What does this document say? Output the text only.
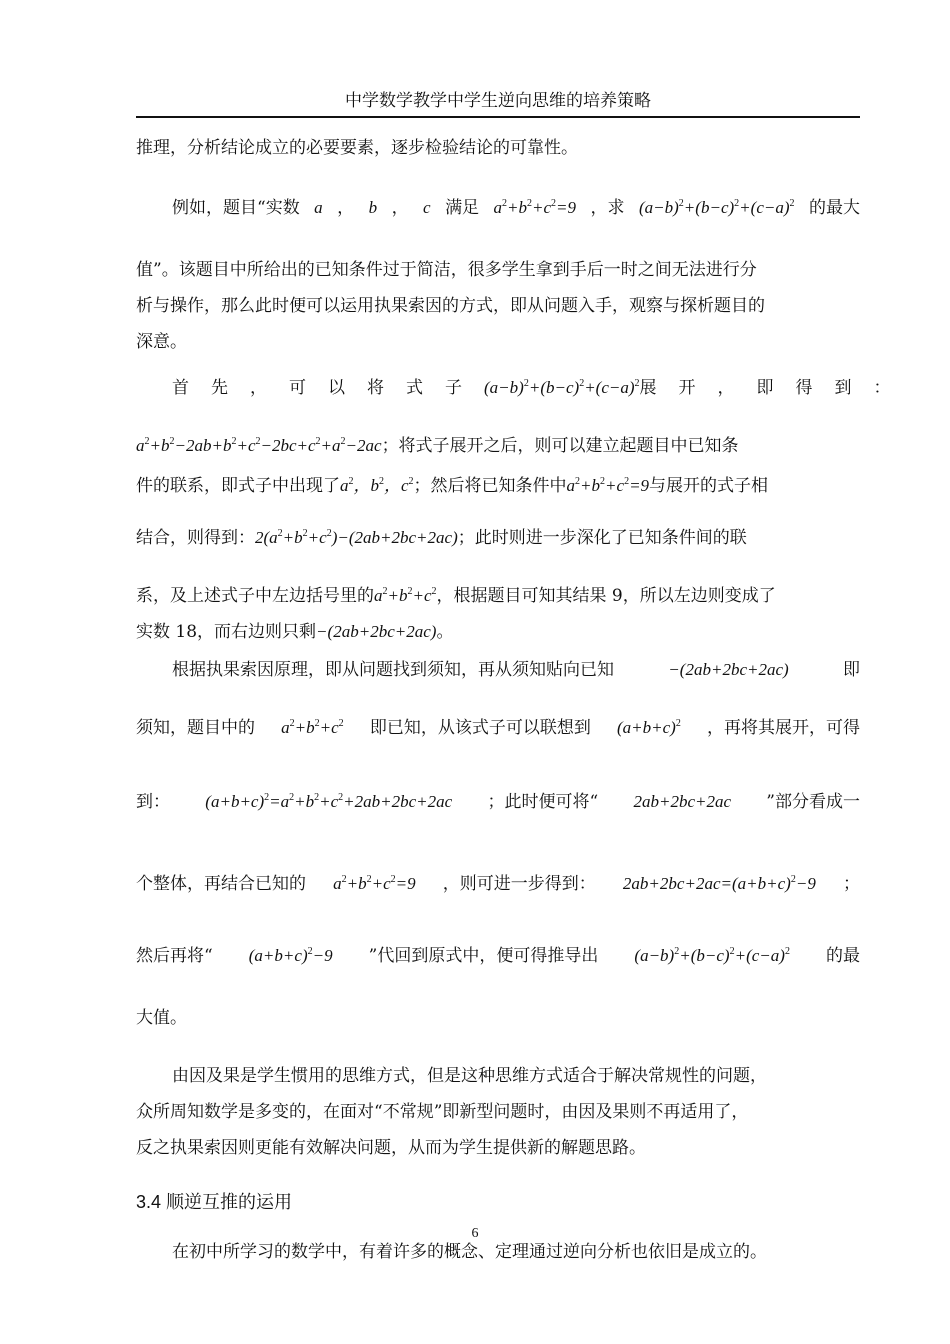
中学数学教学中学生逆向思维的培养策略
推理，分析结论成立的必要要素，逐步检验结论的可靠性。
例如，题目“实数 a ， b ， c 满足 $a^2+b^2+c^2=9$ ，求 $(a-b)^2+(b-c)^2+(c-a)^2$ 的最大
值”。该题目中所给出的已知条件过于简洁，很多学生拿到手后一时之间无法进行分
析与操作，那么此时便可以运用执果索因的方式，即从问题入手，观察与探析题目的
深意。
首先，可以将式子 $(a-b)^2+(b-c)^2+(c-a)^2$ 展开，即得到：
$a^2+b^2-2ab+b^2+c^2-2bc+c^2+a^2-2ac$ ；将式子展开之后，则可以建立起题目中已知条
件的联系，即式子中出现了 $a^2$，$b^2$，$c^2$ ；然后将已知条件中 $a^2+b^2+c^2=9$ 与展开的式子相
结合，则得到： $2(a^2+b^2+c^2)-(2ab+2bc+2ac)$ ；此时则进一步深化了已知条件间的联
系，及上述式子中左边括号里的 $a^2+b^2+c^2$ ，根据题目可知其结果 9，所以左边则变成了
实数 18，而右边则只剩 −(2ab+2bc+2ac) 。
根据执果索因原理，即从问题找到须知，再从须知贴向已知	−(2ab+2bc+2ac)	即
须知，题目中的 $a^2+b^2+c^2$ 即已知，从该式子可以联想到 $(a+b+c)^2$ ，再将其展开，可得
到： $(a+b+c)^2=a^2+b^2+c^2+2ab+2bc+2ac$ ；此时便可将“ 2ab+2bc+2ac ”部分看成一
个整体，再结合已知的 $a^2+b^2+c^2=9$ ，则可进一步得到： $2ab+2bc+2ac=(a+b+c)^2-9$ ；
然后再将“ $(a+b+c)^2-9$ ”代回到原式中，便可得推导出 $(a-b)^2+(b-c)^2+(c-a)^2$ 的最
大值。
由因及果是学生惯用的思维方式，但是这种思维方式适合于解决常规性的问题，
众所周知数学是多变的，在面对“不常规”即新型问题时，由因及果则不再适用了，
反之执果索因则更能有效解决问题，从而为学生提供新的解题思路。
3.4 顺逆互推的运用
在初中所学习的数学中，有着许多的概念、定理通过逆向分析也依旧是成立的。
6
